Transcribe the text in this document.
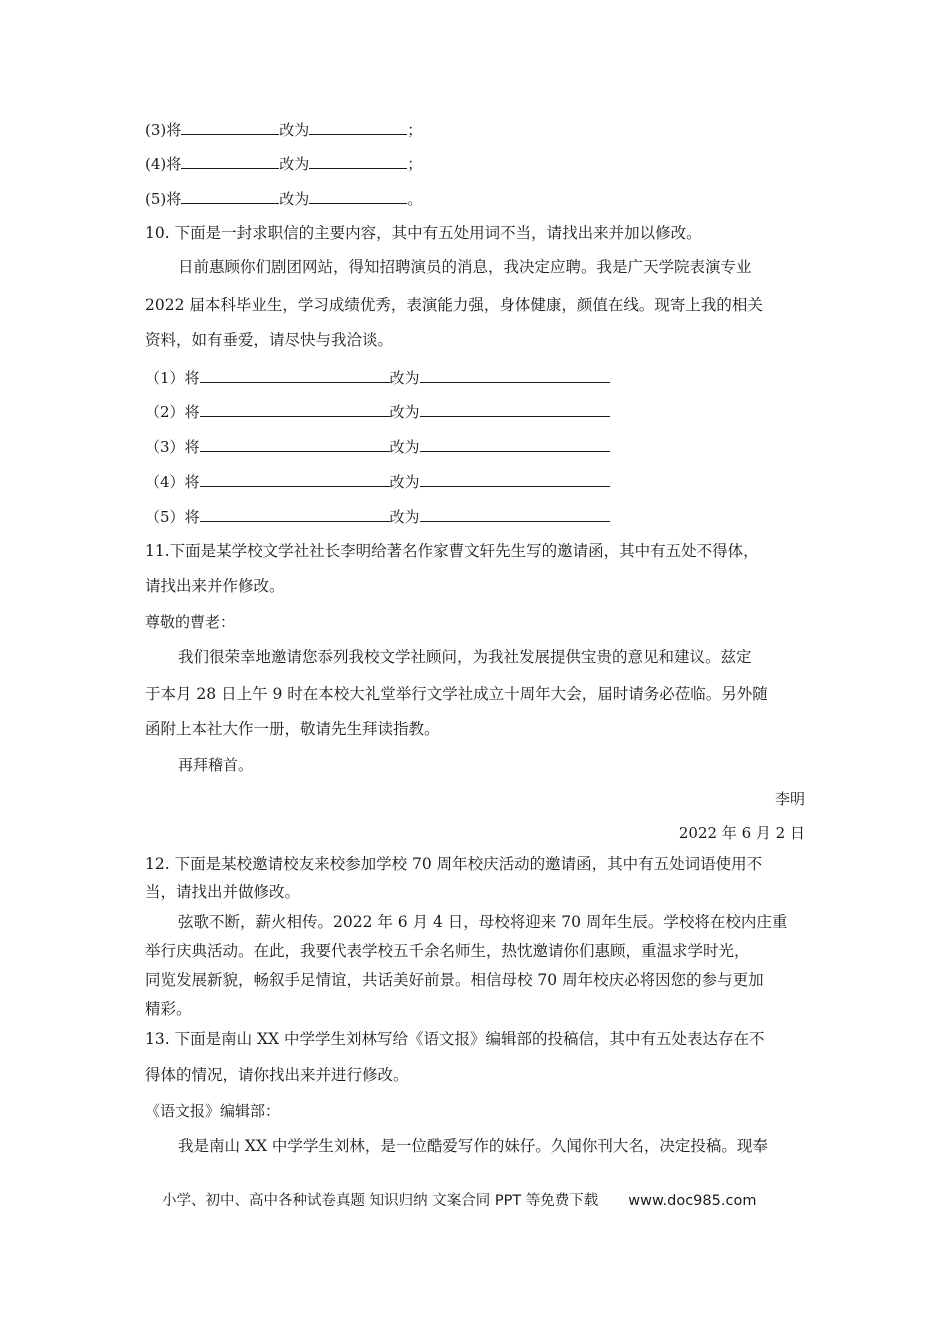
(3)将	改为	；
(4)将	改为	；
(5)将	改为	。
10. 下面是一封求职信的主要内容，其中有五处用词不当，请找出来并加以修改。
日前惠顾你们剧团网站，得知招聘演员的消息，我决定应聘。我是广天学院表演专业
2022 届本科毕业生，学习成绩优秀，表演能力强，身体健康，颜值在线。现寄上我的相关
资料，如有垂爱，请尽快与我洽谈。
（1）将	改为
（2）将	改为
（3）将	改为
（4）将	改为
（5）将	改为
11.下面是某学校文学社社长李明给著名作家曹文轩先生写的邀请函，其中有五处不得体，
请找出来并作修改。
尊敬的曹老：
我们很荣幸地邀请您忝列我校文学社顾问，为我社发展提供宝贵的意见和建议。兹定
于本月 28 日上午 9 时在本校大礼堂举行文学社成立十周年大会，届时请务必莅临。另外随
函附上本社大作一册，敬请先生拜读指教。
再拜稽首。
李明
2022 年 6 月 2 日
12. 下面是某校邀请校友来校参加学校 70 周年校庆活动的邀请函，其中有五处词语使用不
当，请找出并做修改。
弦歌不断，薪火相传。2022 年 6 月 4 日，母校将迎来 70 周年生辰。学校将在校内庄重
举行庆典活动。在此，我要代表学校五千余名师生，热忱邀请你们惠顾，重温求学时光，
同览发展新貌，畅叙手足情谊，共话美好前景。相信母校 70 周年校庆必将因您的参与更加
精彩。
13. 下面是南山 XX 中学学生刘林写给《语文报》编辑部的投稿信，其中有五处表达存在不
得体的情况，请你找出来并进行修改。
《语文报》编辑部：
我是南山 XX 中学学生刘林，是一位酷爱写作的妹仔。久闻你刊大名，决定投稿。现奉
小学、初中、高中各种试卷真题 知识归纳 文案合同 PPT 等免费下载 www.doc985.com
